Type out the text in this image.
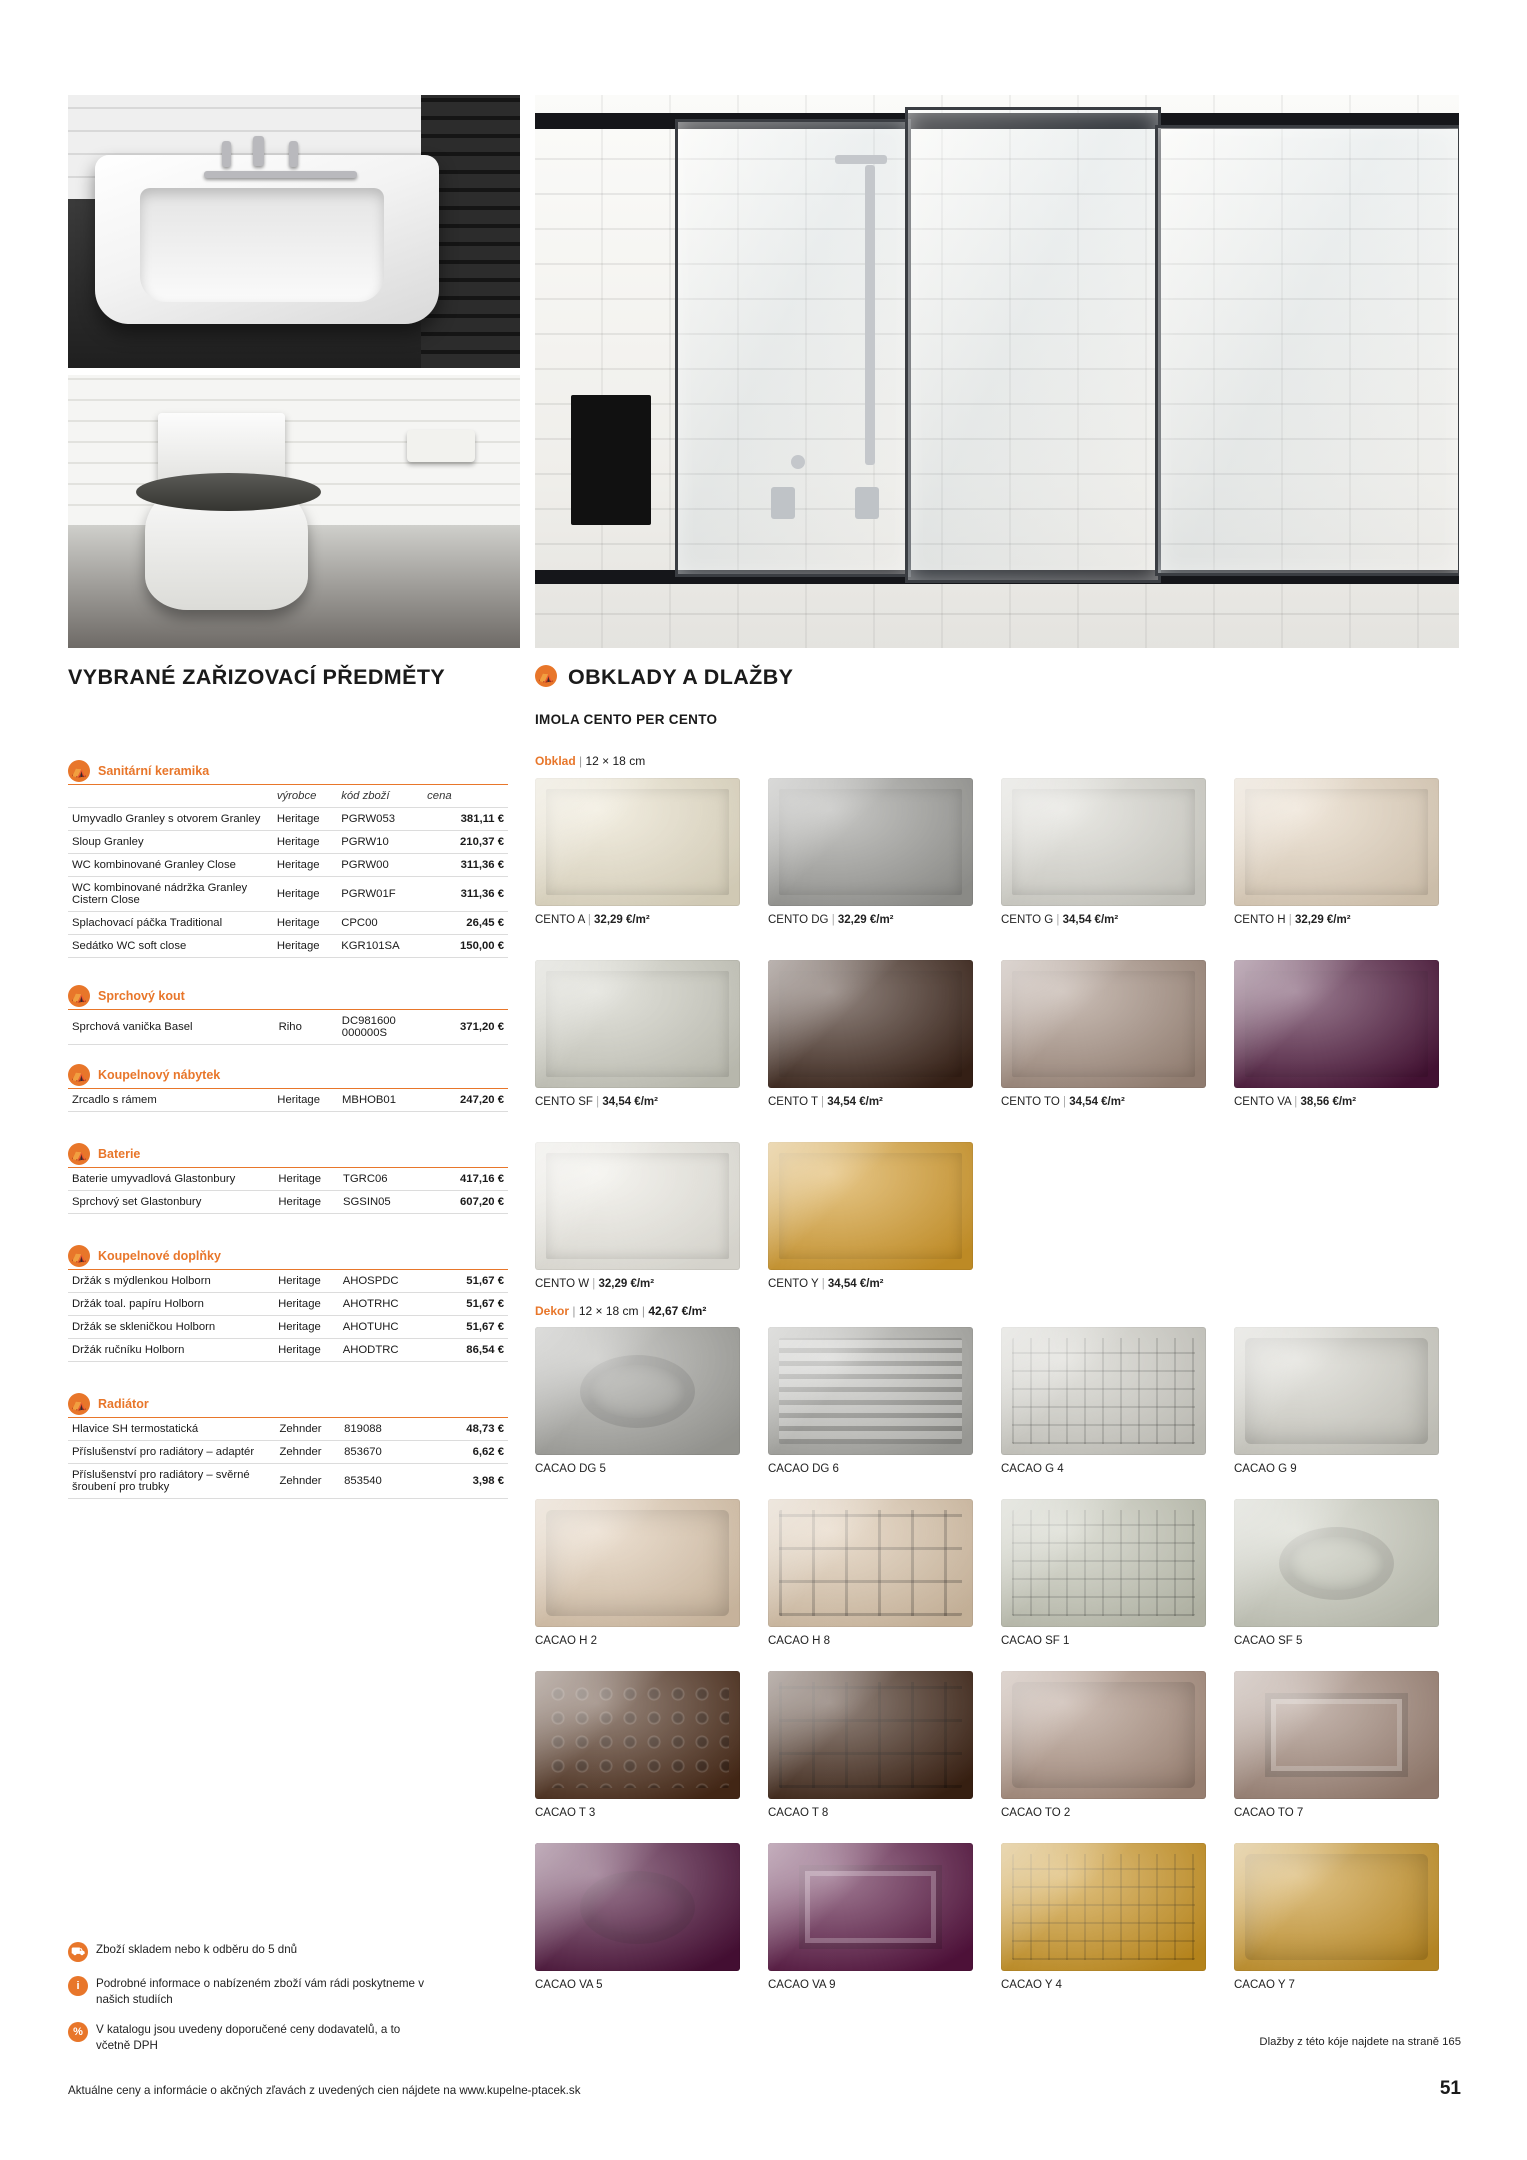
VYBRANÉ ZAŘIZOVACÍ PŘEDMĚTY	⛺ OBKLADY A DLAŽBY
IMOLA CENTO PER CENTO
⛺ Sanitární keramika
	výrobce	kód zboží	cena
Umyvadlo Granley s otvorem Granley	Heritage	PGRW053	381,11 €
Sloup Granley	Heritage	PGRW10	210,37 €
WC kombinované Granley Close	Heritage	PGRW00	311,36 €
WC kombinované nádržka Granley Cistern Close	Heritage	PGRW01F	311,36 €
Splachovací páčka Traditional	Heritage	CPC00	26,45 €
Sedátko WC soft close	Heritage	KGR101SA	150,00 €
⛺ Sprchový kout
Sprchová vanička Basel	Riho	DC981600 000000S	371,20 €
⛺ Koupelnový nábytek
Zrcadlo s rámem	Heritage	MBHOB01	247,20 €
⛺ Baterie
Baterie umyvadlová Glastonbury	Heritage	TGRC06	417,16 €
Sprchový set Glastonbury	Heritage	SGSIN05	607,20 €
⛺ Koupelnové doplňky
Držák s mýdlenkou Holborn	Heritage	AHOSPDC	51,67 €
Držák toal. papíru Holborn	Heritage	AHOTRHC	51,67 €
Držák se skleničkou Holborn	Heritage	AHOTUHC	51,67 €
Držák ručníku Holborn	Heritage	AHODTRC	86,54 €
⛺ Radiátor
Hlavice SH termostatická	Zehnder	819088	48,73 €
Příslušenství pro radiátory – adaptér	Zehnder	853670	6,62 €
Příslušenství pro radiátory – svěrné šroubení pro trubky	Zehnder	853540	3,98 €
Obklad | 12 × 18 cm
CENTO A | 32,29 €/m²	CENTO DG | 32,29 €/m²	CENTO G | 34,54 €/m²	CENTO H | 32,29 €/m²
CENTO SF | 34,54 €/m²	CENTO T | 34,54 €/m²	CENTO TO | 34,54 €/m²	CENTO VA | 38,56 €/m²
CENTO W | 32,29 €/m²	CENTO Y | 34,54 €/m²
Dekor | 12 × 18 cm | 42,67 €/m²
CACAO DG 5	CACAO DG 6	CACAO G 4	CACAO G 9
CACAO H 2	CACAO H 8	CACAO SF 1	CACAO SF 5
CACAO T 3	CACAO T 8	CACAO TO 2	CACAO TO 7
CACAO VA 5	CACAO VA 9	CACAO Y 4	CACAO Y 7
Dlažby z této kóje najdete na straně 165
⛟ Zboží skladem nebo k odběru do 5 dnů
i Podrobné informace o nabízeném zboží vám rádi poskytneme v našich studiích
% V katalogu jsou uvedeny doporučené ceny dodavatelů, a to včetně DPH
Aktuálne ceny a informácie o akčných zľavách z uvedených cien nájdete na www.kupelne-ptacek.sk	51
